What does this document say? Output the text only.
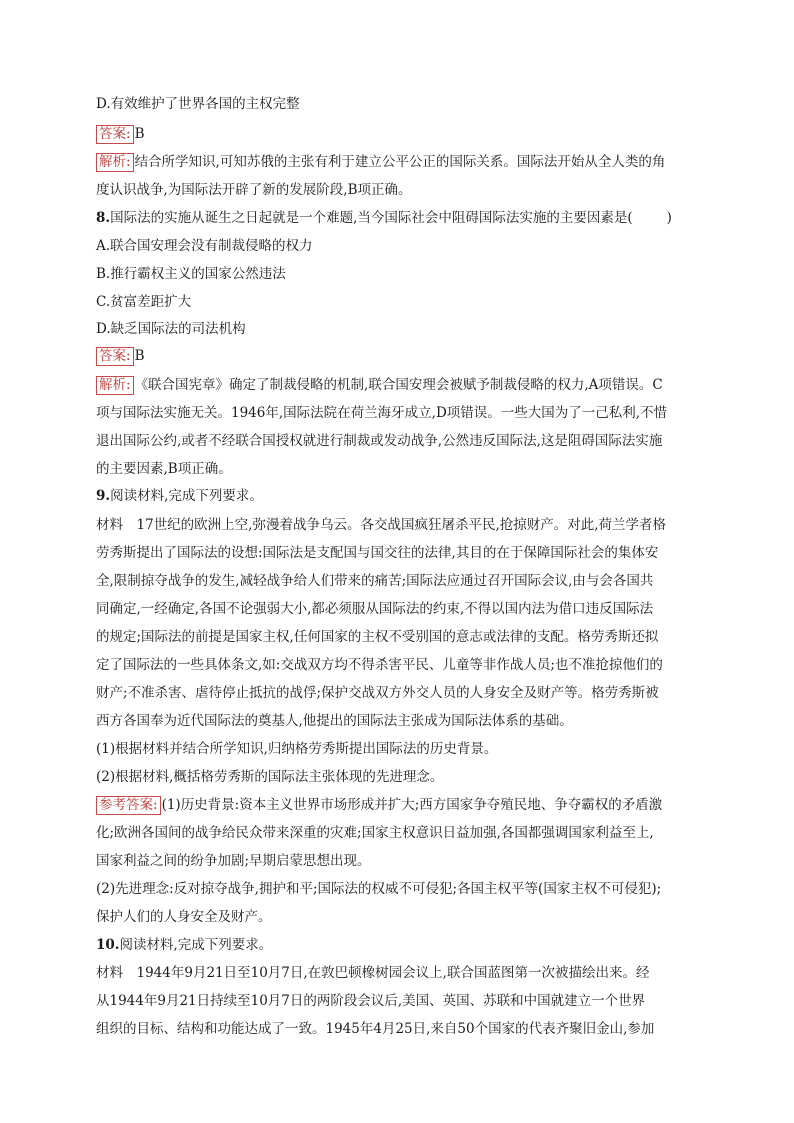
D.有效维护了世界各国的主权完整
答案: B
解析: 结合所学知识,可知苏俄的主张有利于建立公平公正的国际关系。国际法开始从全人类的角
度认识战争,为国际法开辟了新的发展阶段,B项正确。
8.国际法的实施从诞生之日起就是一个难题,当今国际社会中阻碍国际法实施的主要因素是(	)
A.联合国安理会没有制裁侵略的权力
B.推行霸权主义的国家公然违法
C.贫富差距扩大
D.缺乏国际法的司法机构
答案: B
解析: 《联合国宪章》确定了制裁侵略的机制,联合国安理会被赋予制裁侵略的权力,A项错误。C
项与国际法实施无关。1946年,国际法院在荷兰海牙成立,D项错误。一些大国为了一己私利,不惜
退出国际公约,或者不经联合国授权就进行制裁或发动战争,公然违反国际法,这是阻碍国际法实施
的主要因素,B项正确。
9.阅读材料,完成下列要求。
材料　17世纪的欧洲上空,弥漫着战争乌云。各交战国疯狂屠杀平民,抢掠财产。对此,荷兰学者格
劳秀斯提出了国际法的设想:国际法是支配国与国交往的法律,其目的在于保障国际社会的集体安
全,限制掠夺战争的发生,减轻战争给人们带来的痛苦;国际法应通过召开国际会议,由与会各国共
同确定,一经确定,各国不论强弱大小,都必须服从国际法的约束,不得以国内法为借口违反国际法
的规定;国际法的前提是国家主权,任何国家的主权不受别国的意志或法律的支配。格劳秀斯还拟
定了国际法的一些具体条文,如:交战双方均不得杀害平民、儿童等非作战人员;也不准抢掠他们的
财产;不准杀害、虐待停止抵抗的战俘;保护交战双方外交人员的人身安全及财产等。格劳秀斯被
西方各国奉为近代国际法的奠基人,他提出的国际法主张成为国际法体系的基础。
(1)根据材料并结合所学知识,归纳格劳秀斯提出国际法的历史背景。
(2)根据材料,概括格劳秀斯的国际法主张体现的先进理念。
参考答案: (1)历史背景:资本主义世界市场形成并扩大;西方国家争夺殖民地、争夺霸权的矛盾激
化;欧洲各国间的战争给民众带来深重的灾难;国家主权意识日益加强,各国都强调国家利益至上,
国家利益之间的纷争加剧;早期启蒙思想出现。
(2)先进理念:反对掠夺战争,拥护和平;国际法的权威不可侵犯;各国主权平等(国家主权不可侵犯);
保护人们的人身安全及财产。
10.阅读材料,完成下列要求。
材料　1944年9月21日至10月7日,在敦巴顿橡树园会议上,联合国蓝图第一次被描绘出来。经
从1944年9月21日持续至10月7日的两阶段会议后,美国、英国、苏联和中国就建立一个世界
组织的目标、结构和功能达成了一致。1945年4月25日,来自50个国家的代表齐聚旧金山,参加
